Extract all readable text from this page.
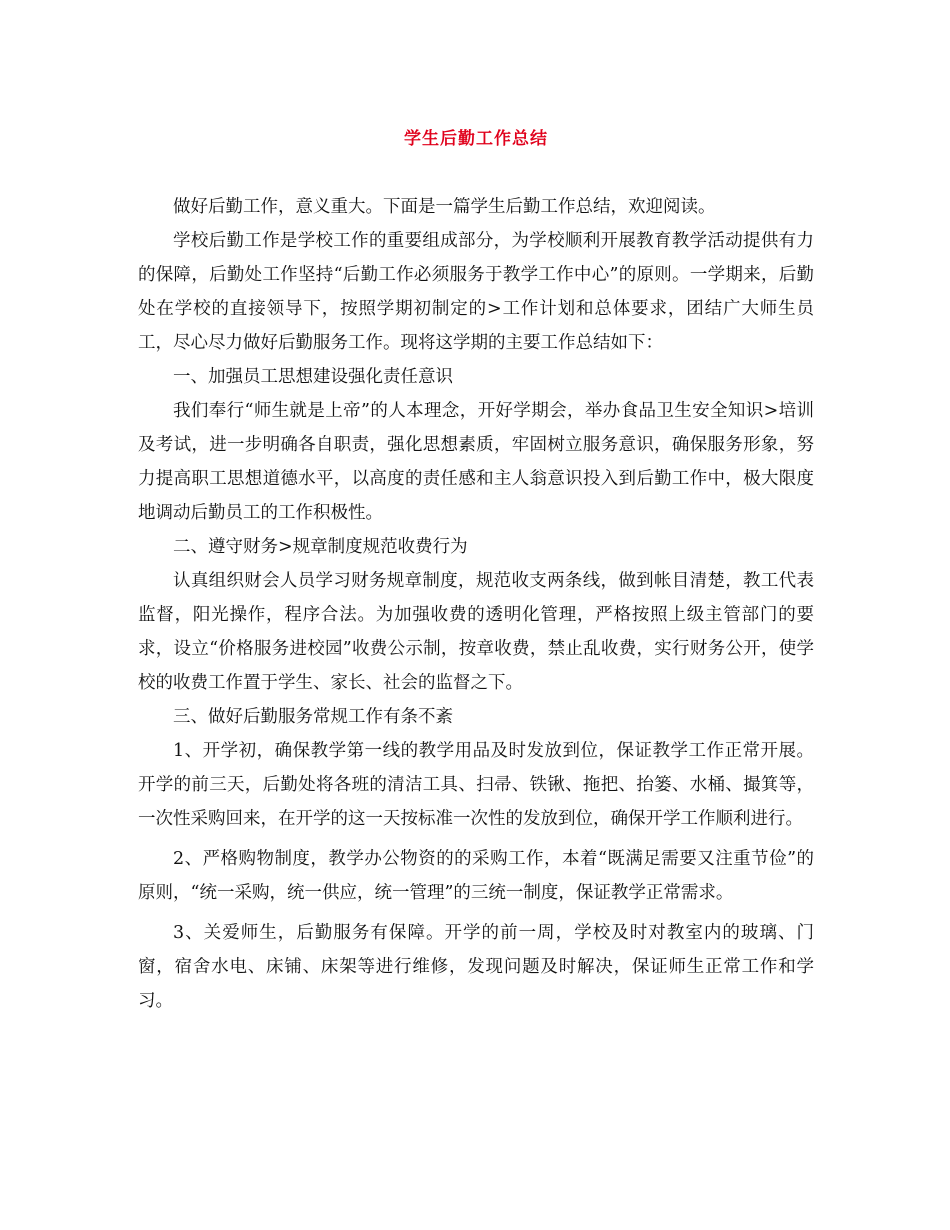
学生后勤工作总结

做好后勤工作，意义重大。下面是一篇学生后勤工作总结，欢迎阅读。

学校后勤工作是学校工作的重要组成部分，为学校顺利开展教育教学活动提供有力的保障，后勤处工作坚持“后勤工作必须服务于教学工作中心”的原则。一学期来，后勤处在学校的直接领导下，按照学期初制定的>工作计划和总体要求，团结广大师生员工，尽心尽力做好后勤服务工作。现将这学期的主要工作总结如下：

一、加强员工思想建设强化责任意识

我们奉行“师生就是上帝”的人本理念，开好学期会，举办食品卫生安全知识>培训及考试，进一步明确各自职责，强化思想素质，牢固树立服务意识，确保服务形象，努力提高职工思想道德水平，以高度的责任感和主人翁意识投入到后勤工作中，极大限度地调动后勤员工的工作积极性。

二、遵守财务>规章制度规范收费行为

认真组织财会人员学习财务规章制度，规范收支两条线，做到帐目清楚，教工代表监督，阳光操作，程序合法。为加强收费的透明化管理，严格按照上级主管部门的要求，设立“价格服务进校园”收费公示制，按章收费，禁止乱收费，实行财务公开，使学校的收费工作置于学生、家长、社会的监督之下。

三、做好后勤服务常规工作有条不紊

1、开学初，确保教学第一线的教学用品及时发放到位，保证教学工作正常开展。开学的前三天，后勤处将各班的清洁工具、扫帚、铁锹、拖把、抬篓、水桶、撮箕等，一次性采购回来，在开学的这一天按标准一次性的发放到位，确保开学工作顺利进行。

2、严格购物制度，教学办公物资的的采购工作，本着“既满足需要又注重节俭”的原则，“统一采购，统一供应，统一管理”的三统一制度，保证教学正常需求。

3、关爱师生，后勤服务有保障。开学的前一周，学校及时对教室内的玻璃、门窗，宿舍水电、床铺、床架等进行维修，发现问题及时解决，保证师生正常工作和学习。
